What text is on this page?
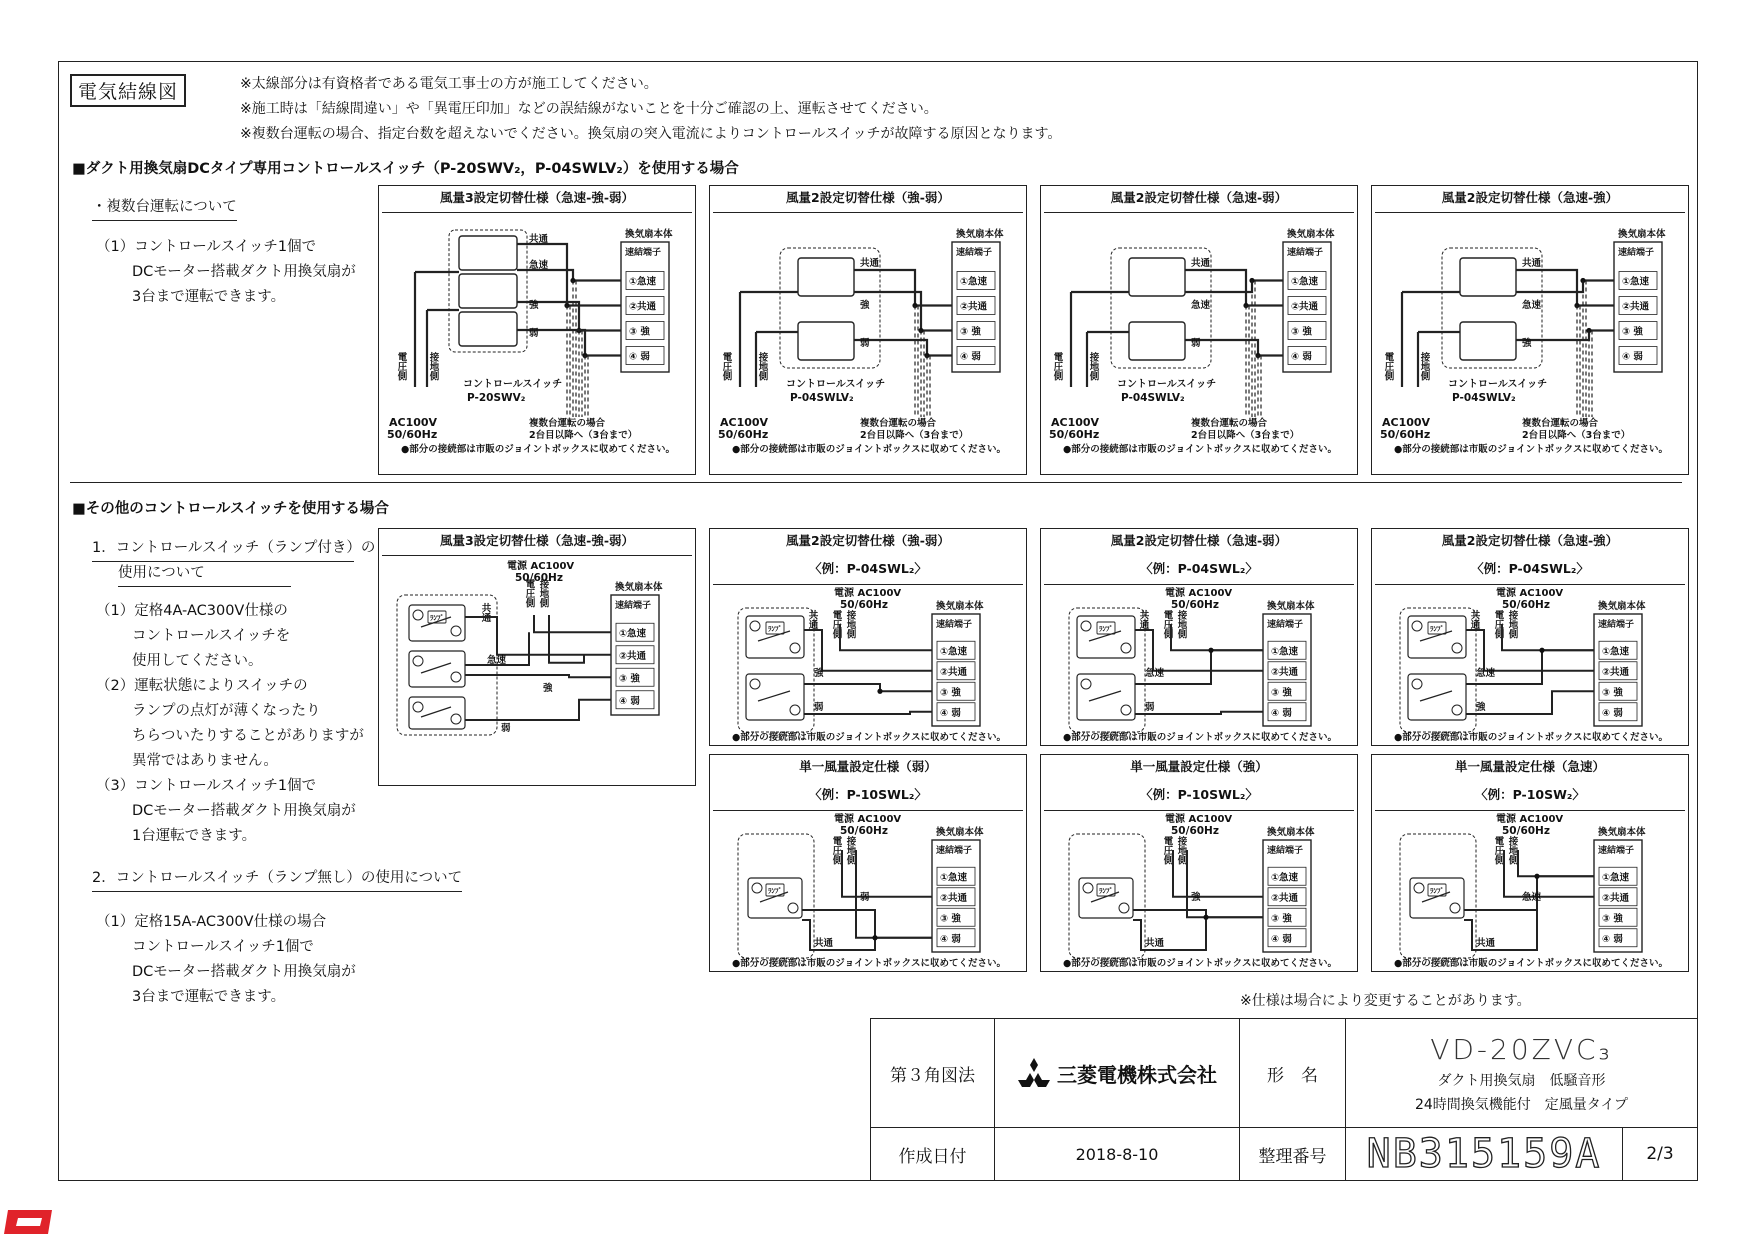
電気結線図	※太線部分は有資格者である電気工事士の方が施工してください。
※施工時は「結線間違い」や「異電圧印加」などの誤結線がないことを十分ご確認の上、運転させてください。
※複数台運転の場合、指定台数を超えないでください。換気扇の突入電流によりコントロールスイッチが故障する原因となります。
■ダクト用換気扇DCタイプ専用コントロールスイッチ（P-20SWV₂，P-04SWLV₂）を使用する場合
・複数台運転について
（1）コントロールスイッチ1個で
DCモーター搭載ダクト用換気扇が
3台まで運転できます。
■その他のコントロールスイッチを使用する場合
1．コントロールスイッチ（ランプ付き）の
使用について
（1）定格4A-AC300V仕様の
コントロールスイッチを
使用してください。
（2）運転状態によりスイッチの
ランプの点灯が薄くなったり
ちらついたりすることがありますが
異常ではありません。
（3）コントロールスイッチ1個で
DCモーター搭載ダクト用換気扇が
1台運転できます。
2．コントロールスイッチ（ランプ無し）の使用について
（1）定格15A-AC300V仕様の場合
コントロールスイッチ1個で
DCモーター搭載ダクト用換気扇が
3台まで運転できます。
風量3設定切替仕様（急速-強-弱）
換気扇本体
速結端子
①急速
②共通
③ 強
④ 弱
共通
急速
強
弱
電圧側 接地側
コントロールスイッチ
P-20SWV₂
AC100V
50/60Hz
複数台運転の場合
2台目以降へ（3台まで）
●部分の接続部は市販のジョイントボックスに収めてください。
風量2設定切替仕様（強-弱）
換気扇本体
速結端子
①急速
②共通
③ 強
④ 弱
共通
強
弱
電圧側	接地側
コントロールスイッチ
P-04SWLV₂
AC100V
50/60Hz
複数台運転の場合
2台目以降へ（3台まで）
●部分の接続部は市販のジョイントボックスに収めてください。
風量2設定切替仕様（急速-弱）
換気扇本体
速結端子
①急速
②共通
③ 強
④ 弱
共通
急速
弱
電圧側	接地側
コントロールスイッチ
P-04SWLV₂
AC100V
50/60Hz
複数台運転の場合
2台目以降へ（3台まで）
●部分の接続部は市販のジョイントボックスに収めてください。
風量2設定切替仕様（急速-強）
換気扇本体
速結端子
①急速
②共通
③ 強
④ 弱
共通
急速
強
電圧側	接地側
コントロールスイッチ
P-04SWLV₂
AC100V
50/60Hz
複数台運転の場合
2台目以降へ（3台まで）
●部分の接続部は市販のジョイントボックスに収めてください。
風量3設定切替仕様（急速-強-弱）
電源 AC100V
50/60Hz
換気扇本体
速結端子
①急速
②共通
③ 強
④ 弱
ﾗﾝﾌﾟ	共通
電圧側 接地側
急速
強
弱
風量2設定切替仕様（強-弱）
〈例：P-04SWL₂〉
電源 AC100V
50/60Hz	換気扇本体
速結端子
①急速
②共通
③ 強
④ 弱
電圧側 接地側
ﾗﾝﾌﾟ	共通
強
弱
●部分の接続部は市販のジョイントボックスに収めてください。
風量2設定切替仕様（急速-弱）
〈例：P-04SWL₂〉
電源 AC100V
50/60Hz	換気扇本体
速結端子
①急速
②共通
③ 強
④ 弱
電圧側 接地側
ﾗﾝﾌﾟ	共通
急速
弱
●部分の接続部は市販のジョイントボックスに収めてください。
風量2設定切替仕様（急速-強）
〈例：P-04SWL₂〉
電源 AC100V
50/60Hz	換気扇本体
速結端子
①急速
②共通
③ 強
④ 弱
電圧側 接地側
ﾗﾝﾌﾟ	共通
急速
強
●部分の接続部は市販のジョイントボックスに収めてください。
単一風量設定仕様（弱）
〈例：P-10SWL₂〉
電源 AC100V
50/60Hz	換気扇本体
速結端子
①急速
②共通
③ 強
④ 弱
電圧側 接地側
ﾗﾝﾌﾟ
共通
弱
●部分の接続部は市販のジョイントボックスに収めてください。
単一風量設定仕様（強）
〈例：P-10SWL₂〉
電源 AC100V
50/60Hz	換気扇本体
速結端子
①急速
②共通
③ 強
④ 弱
電圧側 接地側
ﾗﾝﾌﾟ
共通
強
●部分の接続部は市販のジョイントボックスに収めてください。
単一風量設定仕様（急速）
〈例：P-10SW₂〉
電源 AC100V
50/60Hz	換気扇本体
速結端子
①急速
②共通
③ 強
④ 弱
電圧側 接地側
ﾗﾝﾌﾟ
共通
急速
●部分の接続部は市販のジョイントボックスに収めてください。
※仕様は場合により変更することがあります。
第３角図法	三菱電機株式会社	形　名
VD-20ZVC₃
ダクト用換気扇　低騒音形
24時間換気機能付　定風量タイプ
作成日付	2018-8-10	整理番号	NB315159A	2/3
